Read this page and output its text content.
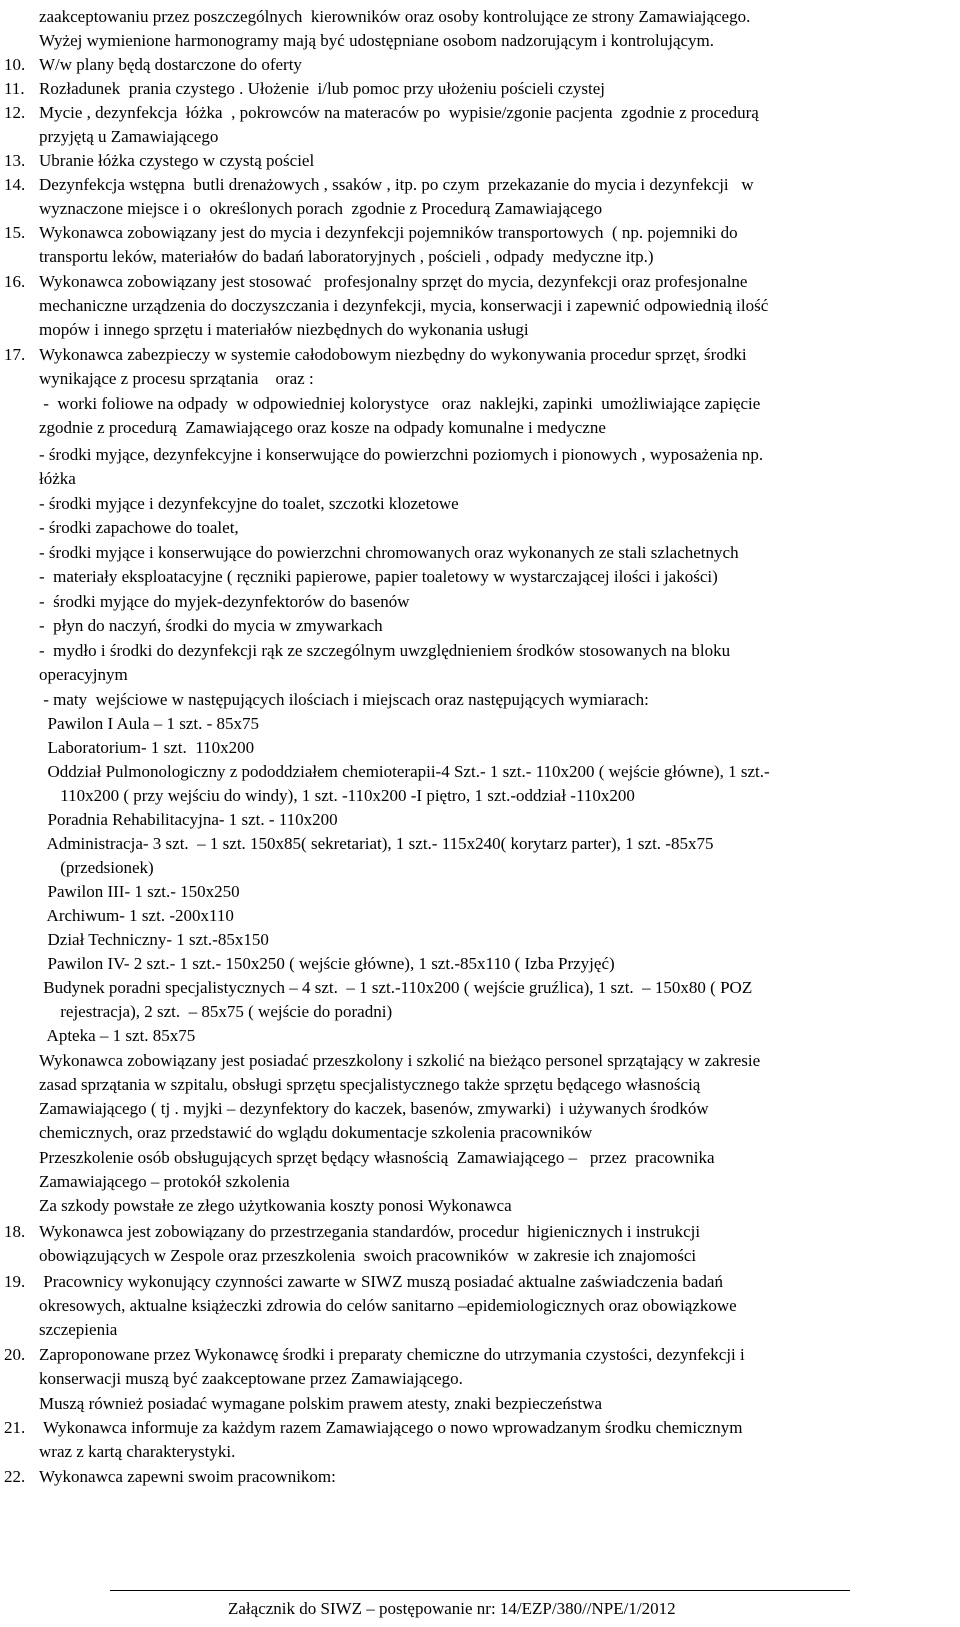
zaakceptowaniu przez poszczególnych  kierowników oraz osoby kontrolujące ze strony Zamawiającego.
Wyżej wymienione harmonogramy mają być udostępniane osobom nadzorującym i kontrolującym.
10. W/w plany będą dostarczone do oferty
11. Rozładunek  prania czystego . Ułożenie  i/lub pomoc przy ułożeniu pościeli czystej
12. Mycie , dezynfekcja  łóżka  , pokrowców na materaców po  wypisie/zgonie pacjenta  zgodnie z procedurą
przyjętą u Zamawiającego
13. Ubranie łóżka czystego w czystą pościel
14. Dezynfekcja wstępna  butli drenażowych , ssaków , itp. po czym  przekazanie do mycia i dezynfekcji   w
wyznaczone miejsce i o  określonych porach  zgodnie z Procedurą Zamawiającego
15. Wykonawca zobowiązany jest do mycia i dezynfekcji pojemników transportowych  ( np. pojemniki do
transportu leków, materiałów do badań laboratoryjnych , pościeli , odpady  medyczne itp.)
16. Wykonawca zobowiązany jest stosować   profesjonalny sprzęt do mycia, dezynfekcji oraz profesjonalne
mechaniczne urządzenia do doczyszczania i dezynfekcji, mycia, konserwacji i zapewnić odpowiednią ilość
mopów i innego sprzętu i materiałów niezbędnych do wykonania usługi
17. Wykonawca zabezpieczy w systemie całodobowym niezbędny do wykonywania procedur sprzęt, środki
wynikające z procesu sprzątania    oraz :
-  worki foliowe na odpady  w odpowiedniej kolorystyce   oraz  naklejki, zapinki  umożliwiające zapięcie
zgodnie z procedurą  Zamawiającego oraz kosze na odpady komunalne i medyczne
- środki myjące, dezynfekcyjne i konserwujące do powierzchni poziomych i pionowych , wyposażenia np.
łóżka
- środki myjące i dezynfekcyjne do toalet, szczotki klozetowe
- środki zapachowe do toalet,
- środki myjące i konserwujące do powierzchni chromowanych oraz wykonanych ze stali szlachetnych
-  materiały eksploatacyjne ( ręczniki papierowe, papier toaletowy w wystarczającej ilości i jakości)
-  środki myjące do myjek-dezynfektorów do basenów
-  płyn do naczyń, środki do mycia w zmywarkach
-  mydło i środki do dezynfekcji rąk ze szczególnym uwzględnieniem środków stosowanych na bloku
operacyjnym
- maty  wejściowe w następujących ilościach i miejscach oraz następujących wymiarach:
Pawilon I Aula – 1 szt. - 85x75
Laboratorium- 1 szt.  110x200
Oddział Pulmonologiczny z pododdziałem chemioterapii-4 Szt.- 1 szt.- 110x200 ( wejście główne), 1 szt.-
110x200 ( przy wejściu do windy), 1 szt. -110x200 -I piętro, 1 szt.-oddział -110x200
Poradnia Rehabilitacyjna- 1 szt. - 110x200
Administracja- 3 szt.  – 1 szt. 150x85( sekretariat), 1 szt.- 115x240( korytarz parter), 1 szt. -85x75
(przedsionek)
Pawilon III- 1 szt.- 150x250
Archiwum- 1 szt. -200x110
Dział Techniczny- 1 szt.-85x150
Pawilon IV- 2 szt.- 1 szt.- 150x250 ( wejście główne), 1 szt.-85x110 ( Izba Przyjęć)
Budynek poradni specjalistycznych – 4 szt.  – 1 szt.-110x200 ( wejście gruźlica), 1 szt.  – 150x80 ( POZ
rejestracja), 2 szt.  – 85x75 ( wejście do poradni)
Apteka – 1 szt. 85x75
Wykonawca zobowiązany jest posiadać przeszkolony i szkolić na bieżąco personel sprzątający w zakresie
zasad sprzątania w szpitalu, obsługi sprzętu specjalistycznego także sprzętu będącego własnością
Zamawiającego ( tj . myjki – dezynfektory do kaczek, basenów, zmywarki)  i używanych środków
chemicznych, oraz przedstawić do wglądu dokumentacje szkolenia pracowników
Przeszkolenie osób obsługujących sprzęt będący własnością  Zamawiającego –   przez  pracownika
Zamawiającego – protokół szkolenia
Za szkody powstałe ze złego użytkowania koszty ponosi Wykonawca
18. Wykonawca jest zobowiązany do przestrzegania standardów, procedur  higienicznych i instrukcji
obowiązujących w Zespole oraz przeszkolenia  swoich pracowników  w zakresie ich znajomości
19. Pracownicy wykonujący czynności zawarte w SIWZ muszą posiadać aktualne zaświadczenia badań
okresowych, aktualne książeczki zdrowia do celów sanitarno –epidemiologicznych oraz obowiązkowe
szczepienia
20. Zaproponowane przez Wykonawcę środki i preparaty chemiczne do utrzymania czystości, dezynfekcji i
konserwacji muszą być zaakceptowane przez Zamawiającego.
Muszą również posiadać wymagane polskim prawem atesty, znaki bezpieczeństwa
21. Wykonawca informuje za każdym razem Zamawiającego o nowo wprowadzanym środku chemicznym
wraz z kartą charakterystyki.
22. Wykonawca zapewni swoim pracownikom:
Załącznik do SIWZ – postępowanie nr: 14/EZP/380//NPE/1/2012
